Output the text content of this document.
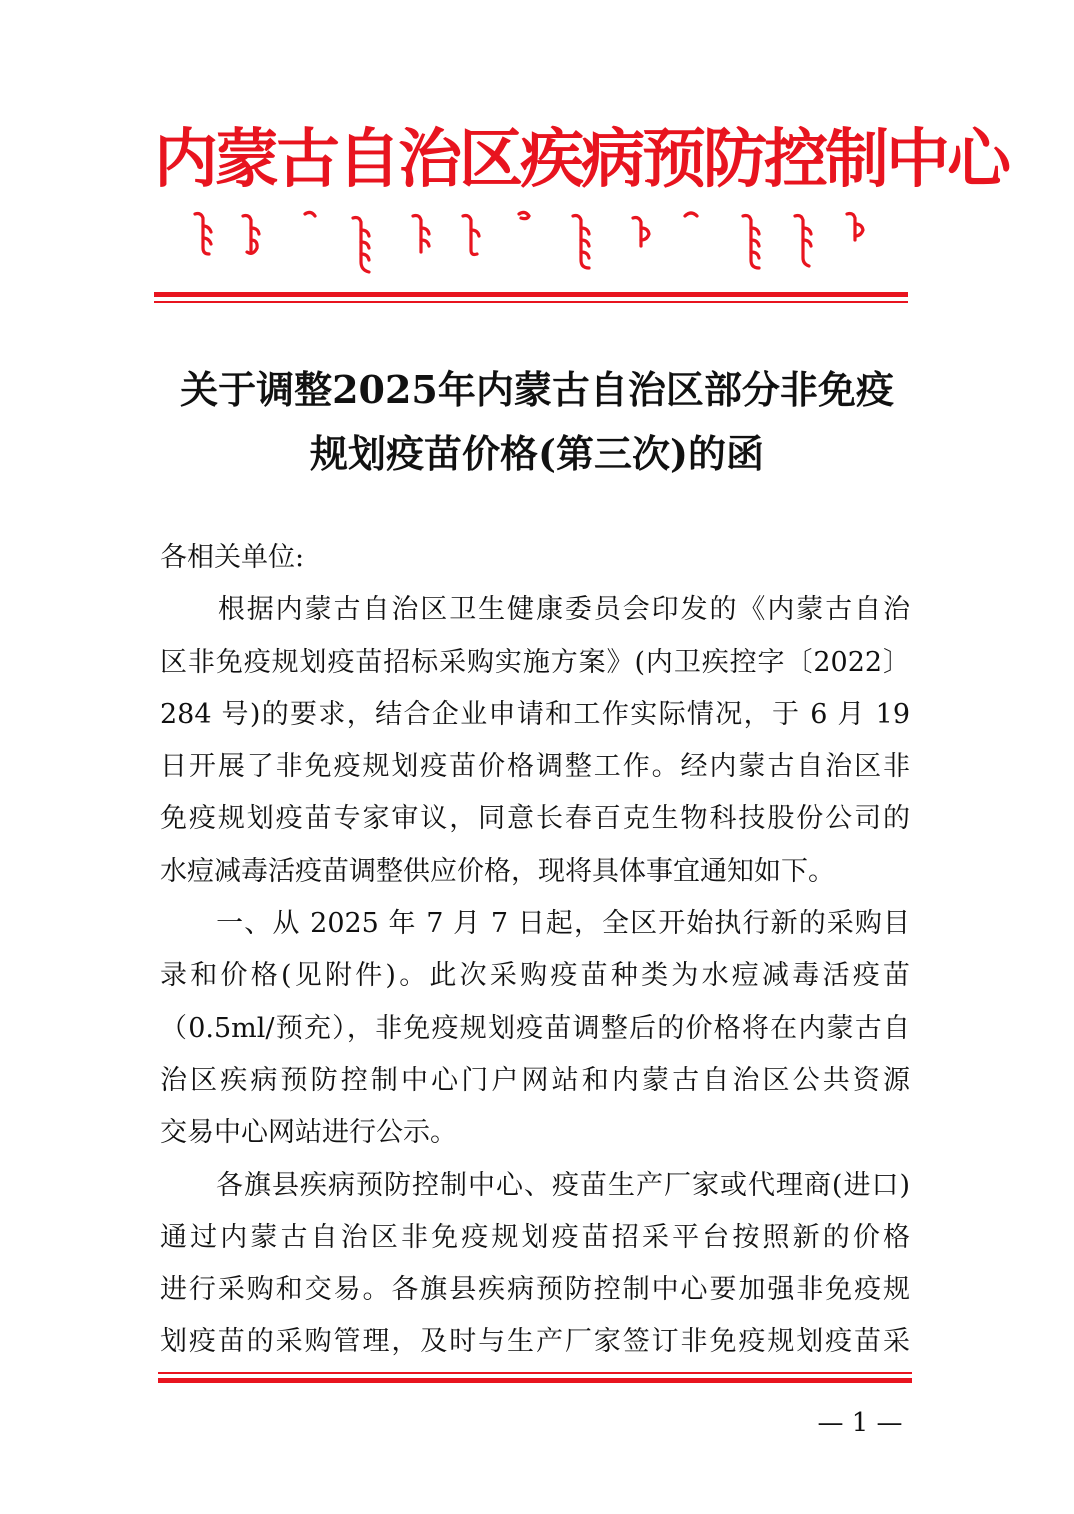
内蒙古自治区疾病预防控制中心
关于调整2025年内蒙古自治区部分非免疫
规划疫苗价格(第三次)的函
各相关单位:
　　根据内蒙古自治区卫生健康委员会印发的《内蒙古自治
区非免疫规划疫苗招标采购实施方案》(内卫疾控字〔2022〕
284 号)的要求，结合企业申请和工作实际情况，于 6 月 19
日开展了非免疫规划疫苗价格调整工作。经内蒙古自治区非
免疫规划疫苗专家审议，同意长春百克生物科技股份公司的
水痘减毒活疫苗调整供应价格，现将具体事宜通知如下。
　　一、从 2025 年 7 月 7 日起，全区开始执行新的采购目
录和价格(见附件)。此次采购疫苗种类为水痘减毒活疫苗
（0.5ml/预充），非免疫规划疫苗调整后的价格将在内蒙古自
治区疾病预防控制中心门户网站和内蒙古自治区公共资源
交易中心网站进行公示。
　　各旗县疾病预防控制中心、疫苗生产厂家或代理商(进口)
通过内蒙古自治区非免疫规划疫苗招采平台按照新的价格
进行采购和交易。各旗县疾病预防控制中心要加强非免疫规
划疫苗的采购管理，及时与生产厂家签订非免疫规划疫苗采
— 1 —
